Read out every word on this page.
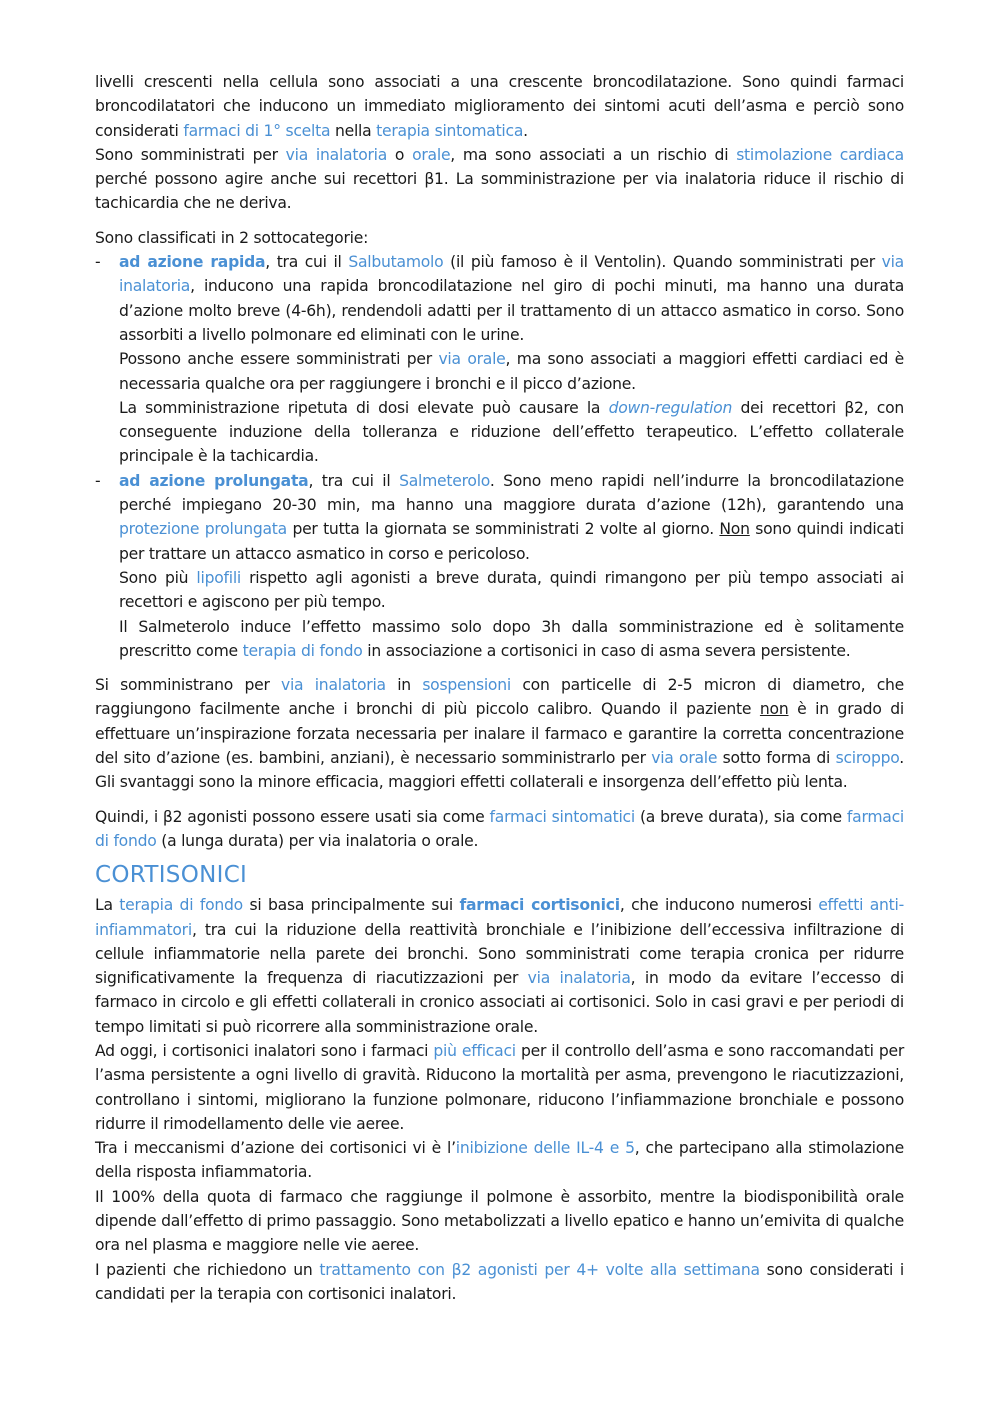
livelli crescenti nella cellula sono associati a una crescente broncodilatazione. Sono quindi farmaci broncodilatatori che inducono un immediato miglioramento dei sintomi acuti dell’asma e perciò sono considerati farmaci di 1° scelta nella terapia sintomatica.

Sono somministrati per via inalatoria o orale, ma sono associati a un rischio di stimolazione cardiaca perché possono agire anche sui recettori β1. La somministrazione per via inalatoria riduce il rischio di tachicardia che ne deriva.

Sono classificati in 2 sottocategorie:

- ad azione rapida, tra cui il Salbutamolo (il più famoso è il Ventolin). Quando somministrati per via inalatoria, inducono una rapida broncodilatazione nel giro di pochi minuti, ma hanno una durata d’azione molto breve (4-6h), rendendoli adatti per il trattamento di un attacco asmatico in corso. Sono assorbiti a livello polmonare ed eliminati con le urine.

Possono anche essere somministrati per via orale, ma sono associati a maggiori effetti cardiaci ed è necessaria qualche ora per raggiungere i bronchi e il picco d’azione.

La somministrazione ripetuta di dosi elevate può causare la down-regulation dei recettori β2, con conseguente induzione della tolleranza e riduzione dell’effetto terapeutico. L’effetto collaterale principale è la tachicardia.

- ad azione prolungata, tra cui il Salmeterolo. Sono meno rapidi nell’indurre la broncodilatazione perché impiegano 20-30 min, ma hanno una maggiore durata d’azione (12h), garantendo una protezione prolungata per tutta la giornata se somministrati 2 volte al giorno. Non sono quindi indicati per trattare un attacco asmatico in corso e pericoloso.

Sono più lipofili rispetto agli agonisti a breve durata, quindi rimangono per più tempo associati ai recettori e agiscono per più tempo.

Il Salmeterolo induce l’effetto massimo solo dopo 3h dalla somministrazione ed è solitamente prescritto come terapia di fondo in associazione a cortisonici in caso di asma severa persistente.

Si somministrano per via inalatoria in sospensioni con particelle di 2-5 micron di diametro, che raggiungono facilmente anche i bronchi di più piccolo calibro. Quando il paziente non è in grado di effettuare un’inspirazione forzata necessaria per inalare il farmaco e garantire la corretta concentrazione del sito d’azione (es. bambini, anziani), è necessario somministrarlo per via orale sotto forma di sciroppo. Gli svantaggi sono la minore efficacia, maggiori effetti collaterali e insorgenza dell’effetto più lenta.

Quindi, i β2 agonisti possono essere usati sia come farmaci sintomatici (a breve durata), sia come farmaci di fondo (a lunga durata) per via inalatoria o orale.

CORTISONICI

La terapia di fondo si basa principalmente sui farmaci cortisonici, che inducono numerosi effetti anti-infiammatori, tra cui la riduzione della reattività bronchiale e l’inibizione dell’eccessiva infiltrazione di cellule infiammatorie nella parete dei bronchi. Sono somministrati come terapia cronica per ridurre significativamente la frequenza di riacutizzazioni per via inalatoria, in modo da evitare l’eccesso di farmaco in circolo e gli effetti collaterali in cronico associati ai cortisonici. Solo in casi gravi e per periodi di tempo limitati si può ricorrere alla somministrazione orale.

Ad oggi, i cortisonici inalatori sono i farmaci più efficaci per il controllo dell’asma e sono raccomandati per l’asma persistente a ogni livello di gravità. Riducono la mortalità per asma, prevengono le riacutizzazioni, controllano i sintomi, migliorano la funzione polmonare, riducono l’infiammazione bronchiale e possono ridurre il rimodellamento delle vie aeree.

Tra i meccanismi d’azione dei cortisonici vi è l’inibizione delle IL-4 e 5, che partecipano alla stimolazione della risposta infiammatoria.

Il 100% della quota di farmaco che raggiunge il polmone è assorbito, mentre la biodisponibilità orale dipende dall’effetto di primo passaggio. Sono metabolizzati a livello epatico e hanno un’emivita di qualche ora nel plasma e maggiore nelle vie aeree.

I pazienti che richiedono un trattamento con β2 agonisti per 4+ volte alla settimana sono considerati i candidati per la terapia con cortisonici inalatori.
